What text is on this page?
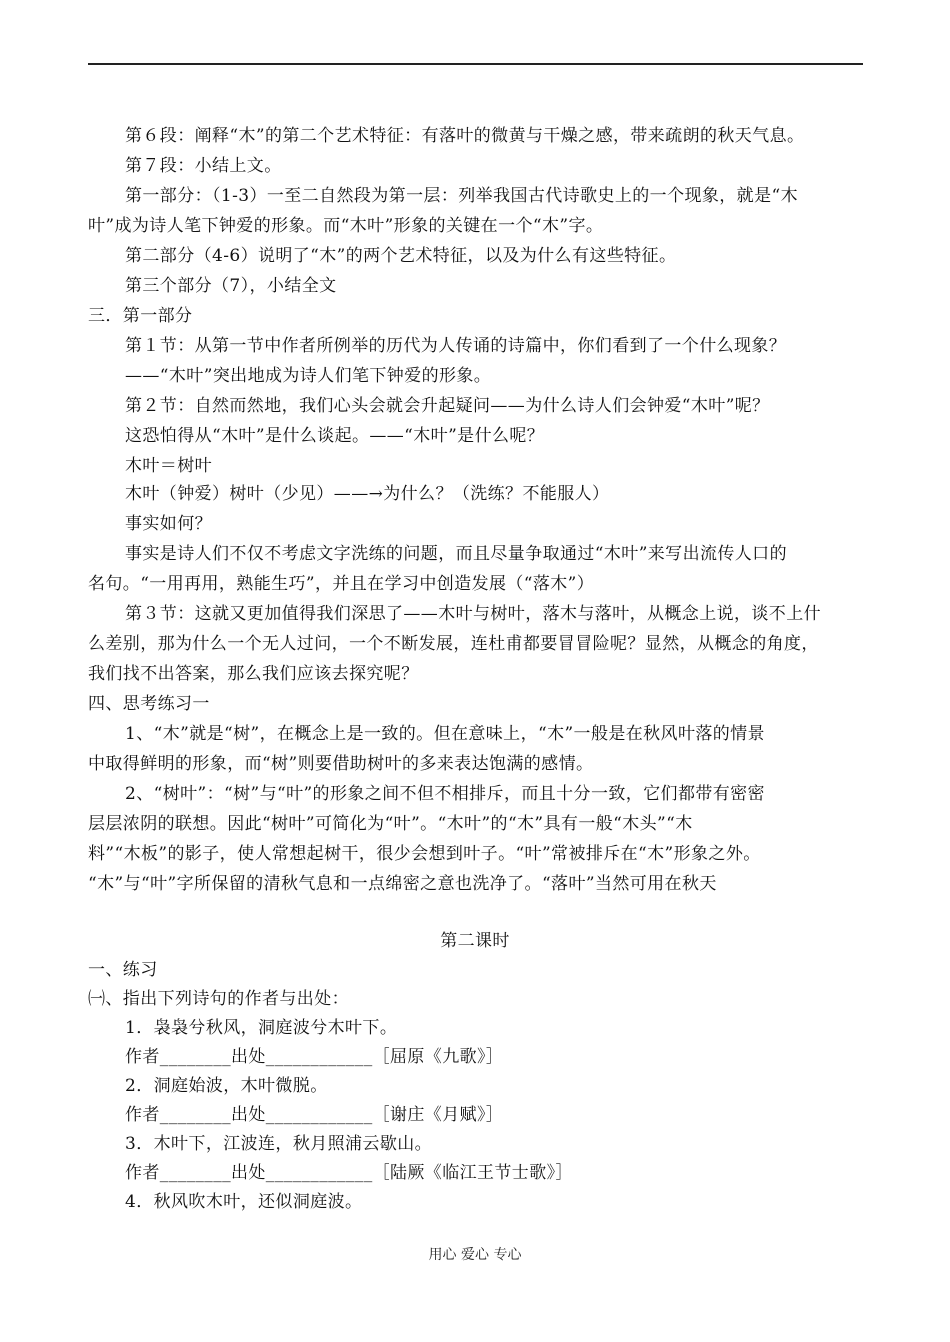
第６段：阐释“木”的第二个艺术特征：有落叶的微黄与干燥之感，带来疏朗的秋天气息。
第７段：小结上文。
第一部分：（1-3）一至二自然段为第一层：列举我国古代诗歌史上的一个现象，就是“木
叶”成为诗人笔下钟爱的形象。而“木叶”形象的关键在一个“木”字。
第二部分（4-6）说明了“木”的两个艺术特征，以及为什么有这些特征。
第三个部分（7），小结全文
三．第一部分
第１节：从第一节中作者所例举的历代为人传诵的诗篇中，你们看到了一个什么现象？
——“木叶”突出地成为诗人们笔下钟爱的形象。
第２节：自然而然地，我们心头会就会升起疑问——为什么诗人们会钟爱“木叶”呢？
这恐怕得从“木叶”是什么谈起。——“木叶”是什么呢？
木叶＝树叶
木叶（钟爱）树叶（少见）——→为什么？（洗练？不能服人）
事实如何？
事实是诗人们不仅不考虑文字洗练的问题，而且尽量争取通过“木叶”来写出流传人口的
名句。“一用再用，熟能生巧”，并且在学习中创造发展（“落木”）
第３节：这就又更加值得我们深思了——木叶与树叶，落木与落叶，从概念上说，谈不上什
么差别，那为什么一个无人过问，一个不断发展，连杜甫都要冒冒险呢？显然，从概念的角度，
我们找不出答案，那么我们应该去探究呢？
四、思考练习一
1、“木”就是“树”，在概念上是一致的。但在意味上，“木”一般是在秋风叶落的情景
中取得鲜明的形象，而“树”则要借助树叶的多来表达饱满的感情。
2、“树叶”：“树”与“叶”的形象之间不但不相排斥，而且十分一致，它们都带有密密
层层浓阴的联想。因此“树叶”可简化为“叶”。“木叶”的“木”具有一般“木头”“木
料”“木板”的影子，使人常想起树干，很少会想到叶子。“叶”常被排斥在“木”形象之外。
“木”与“叶”字所保留的清秋气息和一点绵密之意也洗净了。“落叶”当然可用在秋天
第二课时
一、练习
㈠、指出下列诗句的作者与出处：
1．袅袅兮秋风，洞庭波兮木叶下。
作者________出处____________［屈原《九歌》］
2．洞庭始波，木叶微脱。
作者________出处____________［谢庄《月赋》］
3．木叶下，江波连，秋月照浦云歇山。
作者________出处____________［陆厥《临江王节士歌》］
4．秋风吹木叶，还似洞庭波。
用心 爱心 专心
